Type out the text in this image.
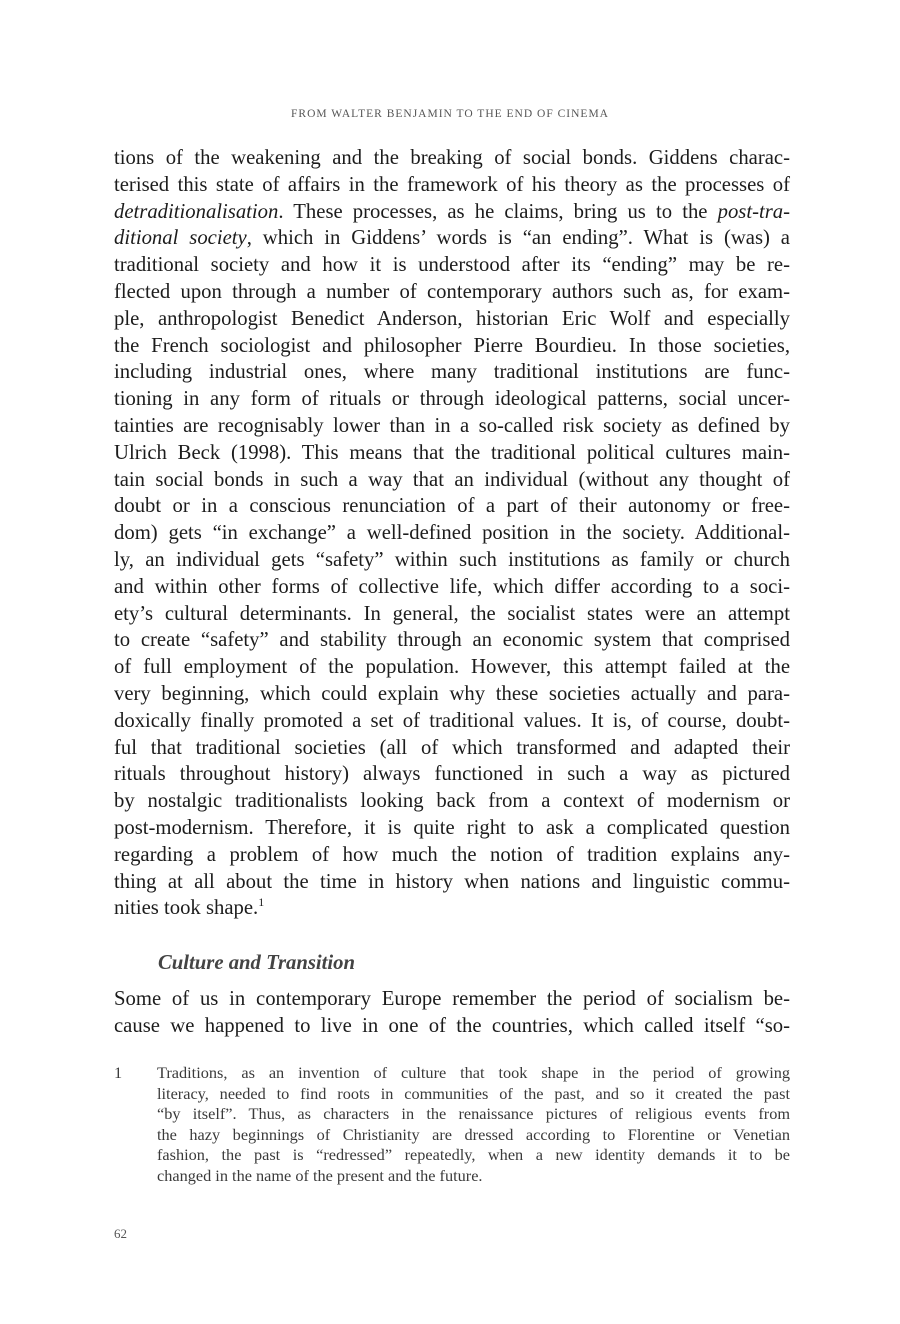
FROM WALTER BENJAMIN TO THE END OF CINEMA
tions of the weakening and the breaking of social bonds. Giddens charac-
terised this state of affairs in the framework of his theory as the processes of
detraditionalisation. These processes, as he claims, bring us to the post-tra-
ditional society, which in Giddens’ words is “an ending”. What is (was) a
traditional society and how it is understood after its “ending” may be re-
flected upon through a number of contemporary authors such as, for exam-
ple, anthropologist Benedict Anderson, historian Eric Wolf and especially
the French sociologist and philosopher Pierre Bourdieu. In those societies,
including industrial ones, where many traditional institutions are func-
tioning in any form of rituals or through ideological patterns, social uncer-
tainties are recognisably lower than in a so-called risk society as defined by
Ulrich Beck (1998). This means that the traditional political cultures main-
tain social bonds in such a way that an individual (without any thought of
doubt or in a conscious renunciation of a part of their autonomy or free-
dom) gets “in exchange” a well-defined position in the society. Additional-
ly, an individual gets “safety” within such institutions as family or church
and within other forms of collective life, which differ according to a soci-
ety’s cultural determinants. In general, the socialist states were an attempt
to create “safety” and stability through an economic system that comprised
of full employment of the population. However, this attempt failed at the
very beginning, which could explain why these societies actually and para-
doxically finally promoted a set of traditional values. It is, of course, doubt-
ful that traditional societies (all of which transformed and adapted their
rituals throughout history) always functioned in such a way as pictured
by nostalgic traditionalists looking back from a context of modernism or
post-modernism. Therefore, it is quite right to ask a complicated question
regarding a problem of how much the notion of tradition explains any-
thing at all about the time in history when nations and linguistic commu-
nities took shape.$^1$
Culture and Transition
Some of us in contemporary Europe remember the period of socialism be-
cause we happened to live in one of the countries, which called itself “so-
1 Traditions, as an invention of culture that took shape in the period of growing
literacy, needed to find roots in communities of the past, and so it created the past
“by itself”. Thus, as characters in the renaissance pictures of religious events from
the hazy beginnings of Christianity are dressed according to Florentine or Venetian
fashion, the past is “redressed” repeatedly, when a new identity demands it to be
changed in the name of the present and the future.
62
